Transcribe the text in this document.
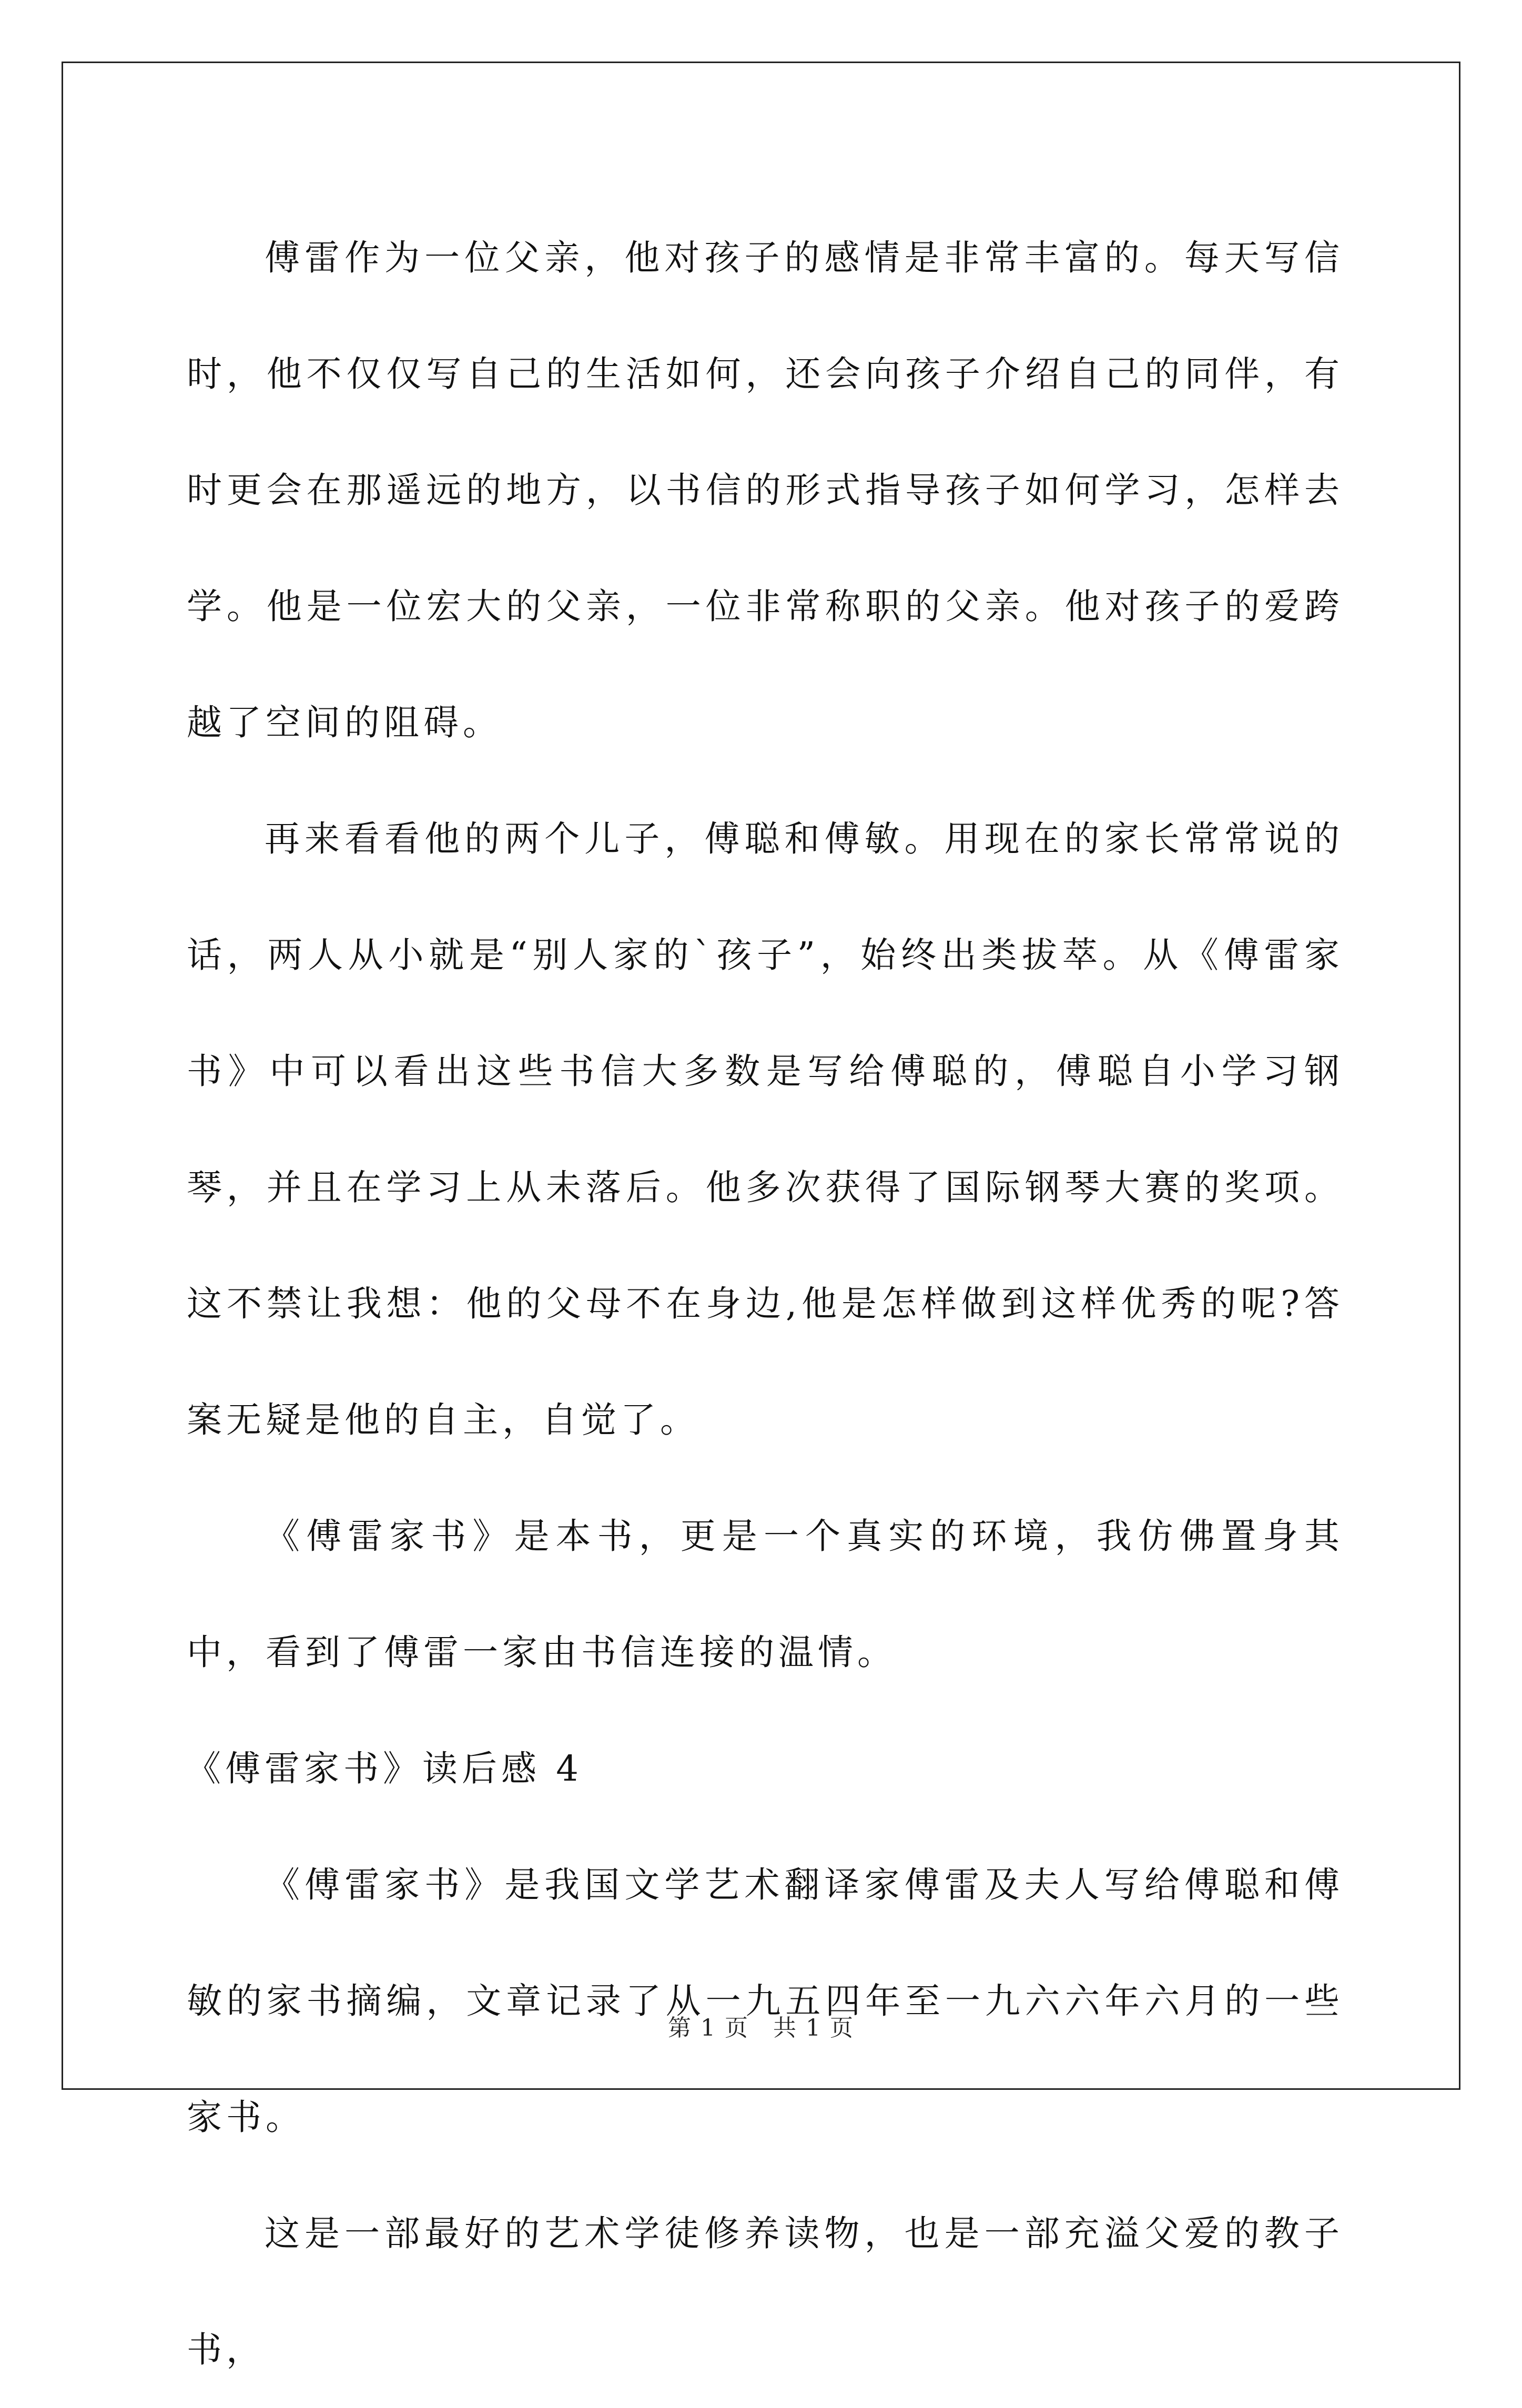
傅雷作为一位父亲，他对孩子的感情是非常丰富的。每天写信时，他不仅仅写自己的生活如何，还会向孩子介绍自己的同伴，有时更会在那遥远的地方，以书信的形式指导孩子如何学习，怎样去学。他是一位宏大的父亲，一位非常称职的父亲。他对孩子的爱跨越了空间的阻碍。

再来看看他的两个儿子，傅聪和傅敏。用现在的家长常常说的话，两人从小就是“别人家的`孩子”，始终出类拔萃。从《傅雷家书》中可以看出这些书信大多数是写给傅聪的，傅聪自小学习钢琴，并且在学习上从未落后。他多次获得了国际钢琴大赛的奖项。这不禁让我想：他的父母不在身边,他是怎样做到这样优秀的呢?答案无疑是他的自主，自觉了。

《傅雷家书》是本书，更是一个真实的环境，我仿佛置身其中，看到了傅雷一家由书信连接的温情。

《傅雷家书》读后感 4

《傅雷家书》是我国文学艺术翻译家傅雷及夫人写给傅聪和傅敏的家书摘编，文章记录了从一九五四年至一九六六年六月的一些家书。

这是一部最好的艺术学徒修养读物，也是一部充溢父爱的教子书，

第 1 页　共 1 页
